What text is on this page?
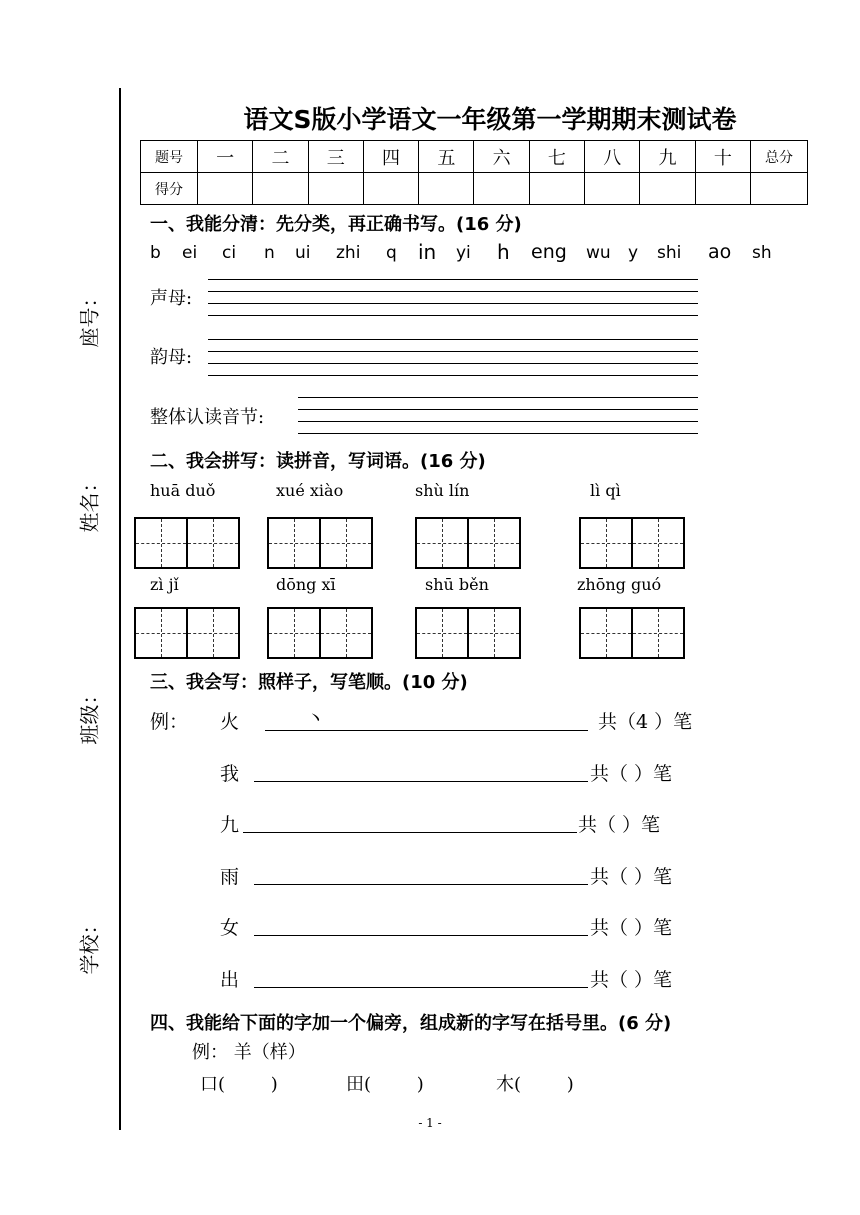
座号：
姓名：
班级：
学校：
语文S版小学语文一年级第一学期期末测试卷
题号	一	二	三	四	五	六	七	八	九	十	总分
得分											
一、我能分清：先分类，再正确书写。(16 分)
b ei ci n ui zhi q in yi h eng wu y shi ao sh
声母:
韵母:
整体认读音节:
二、我会拼写：读拼音，写词语。(16 分)
huā duǒ	xué xiào	shù lín	lì qì
zì jǐ	dōng xī	shū běn	zhōng guó
三、我会写：照样子，写笔顺。(10 分)
例： 火	丶	共（4 ）笔
我	共（ ）笔
九	共（ ）笔
雨	共（ ）笔
女	共（ ）笔
出	共（ ）笔
四、我能给下面的字加一个偏旁，组成新的字写在括号里。(6 分)
例： 羊（样）
口(        )	田(        )	木(        )
- 1 -
